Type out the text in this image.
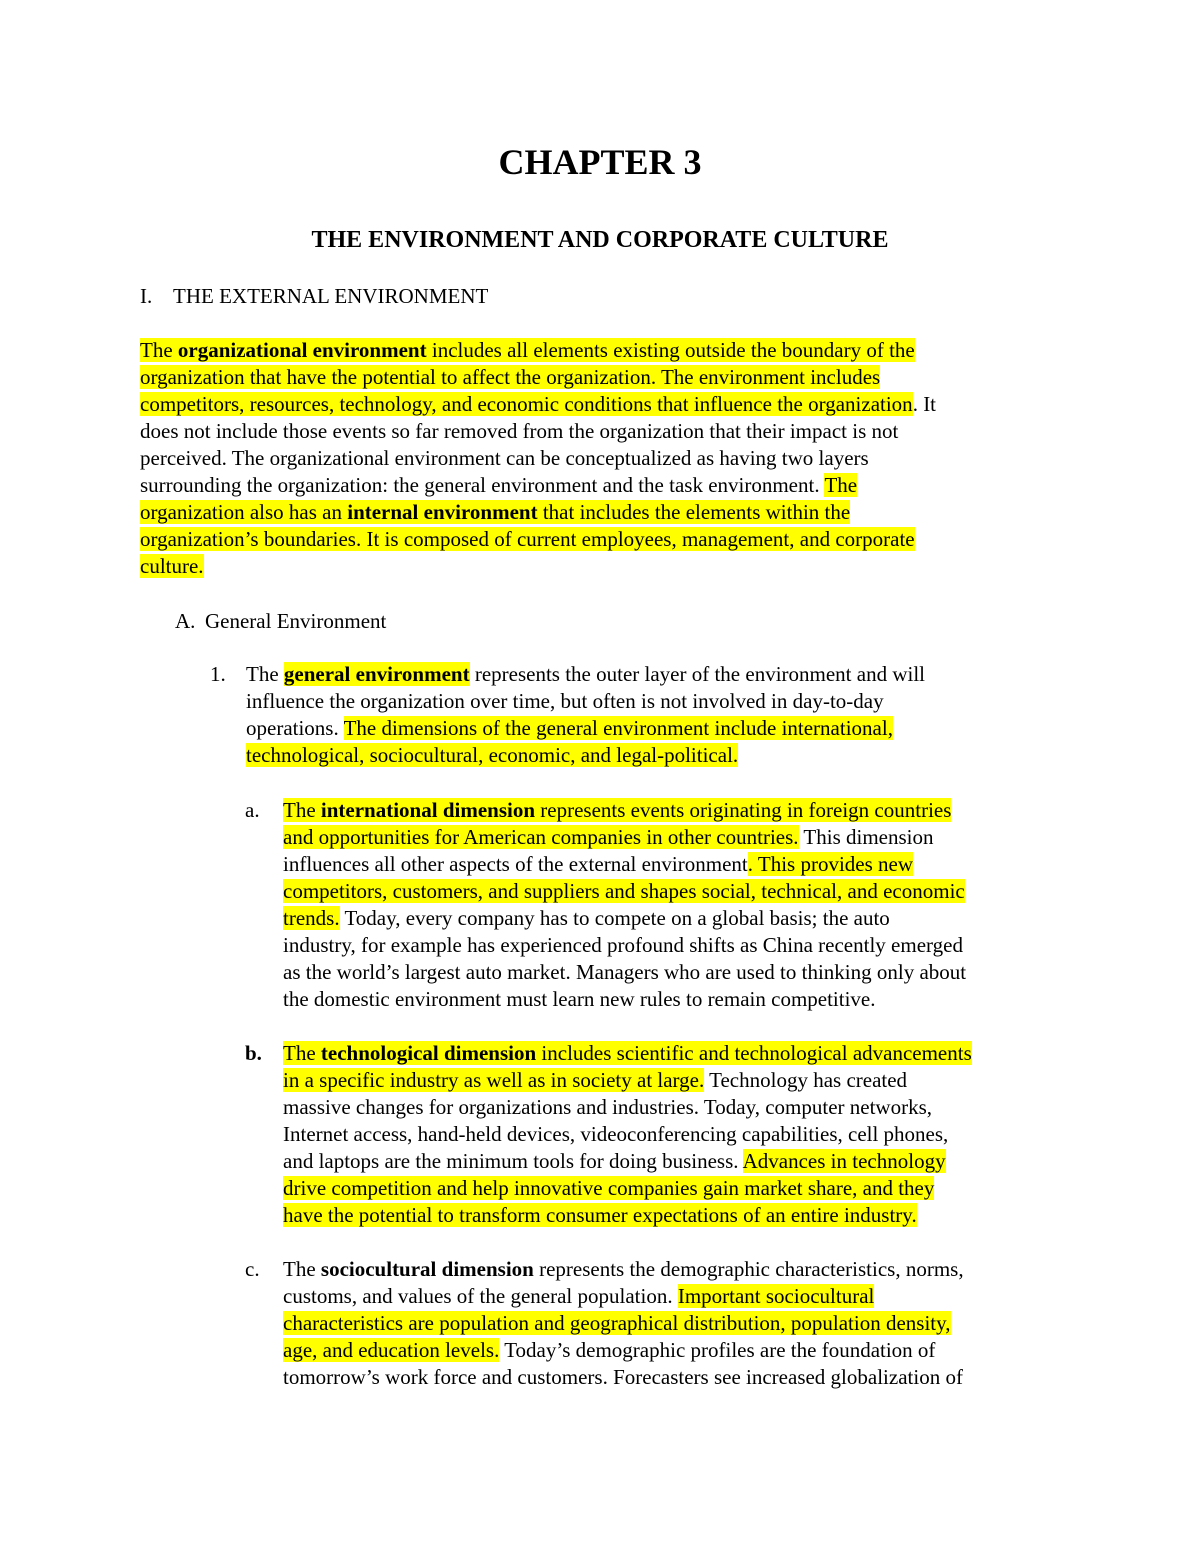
CHAPTER 3
THE ENVIRONMENT AND CORPORATE CULTURE
I. THE EXTERNAL ENVIRONMENT
The organizational environment includes all elements existing outside the boundary of the
organization that have the potential to affect the organization. The environment includes
competitors, resources, technology, and economic conditions that influence the organization. It
does not include those events so far removed from the organization that their impact is not
perceived. The organizational environment can be conceptualized as having two layers
surrounding the organization: the general environment and the task environment. The
organization also has an internal environment that includes the elements within the
organization’s boundaries. It is composed of current employees, management, and corporate
culture.
A. General Environment
1. The general environment represents the outer layer of the environment and will
influence the organization over time, but often is not involved in day-to-day
operations. The dimensions of the general environment include international,
technological, sociocultural, economic, and legal-political.
a. The international dimension represents events originating in foreign countries
and opportunities for American companies in other countries. This dimension
influences all other aspects of the external environment. This provides new
competitors, customers, and suppliers and shapes social, technical, and economic
trends. Today, every company has to compete on a global basis; the auto
industry, for example has experienced profound shifts as China recently emerged
as the world’s largest auto market. Managers who are used to thinking only about
the domestic environment must learn new rules to remain competitive.
b. The technological dimension includes scientific and technological advancements
in a specific industry as well as in society at large. Technology has created
massive changes for organizations and industries. Today, computer networks,
Internet access, hand-held devices, videoconferencing capabilities, cell phones,
and laptops are the minimum tools for doing business. Advances in technology
drive competition and help innovative companies gain market share, and they
have the potential to transform consumer expectations of an entire industry.
c. The sociocultural dimension represents the demographic characteristics, norms,
customs, and values of the general population. Important sociocultural
characteristics are population and geographical distribution, population density,
age, and education levels. Today’s demographic profiles are the foundation of
tomorrow’s work force and customers. Forecasters see increased globalization of
